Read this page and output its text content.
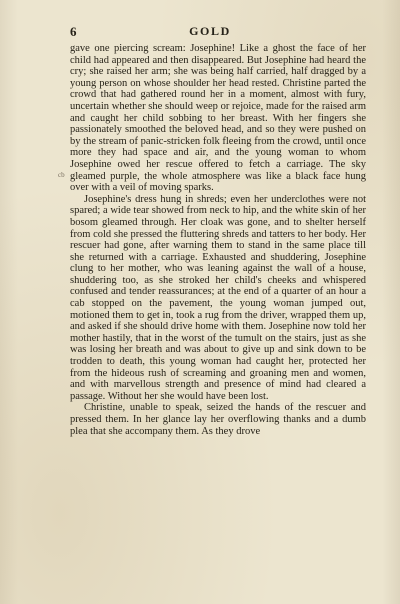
6	GOLD
cb

gave one piercing scream: Josephine! Like a ghost the face of her child had appeared and then disappeared. But Josephine had heard the cry; she raised her arm; she was being half carried, half dragged by a young person on whose shoulder her head rested. Christine parted the crowd that had gathered round her in a moment, almost with fury, uncertain whether she should weep or rejoice, made for the raised arm and caught her child sobbing to her breast. With her fingers she passionately smoothed the beloved head, and so they were pushed on by the stream of panic-stricken folk fleeing from the crowd, until once more they had space and air, and the young woman to whom Josephine owed her rescue offered to fetch a carriage. The sky gleamed purple, the whole atmosphere was like a black face hung over with a veil of moving sparks.

Josephine's dress hung in shreds; even her underclothes were not spared; a wide tear showed from neck to hip, and the white skin of her bosom gleamed through. Her cloak was gone, and to shelter herself from cold she pressed the fluttering shreds and tatters to her body. Her rescuer had gone, after warning them to stand in the same place till she returned with a carriage. Exhausted and shuddering, Josephine clung to her mother, who was leaning against the wall of a house, shuddering too, as she stroked her child's cheeks and whispered confused and tender reassurances; at the end of a quarter of an hour a cab stopped on the pavement, the young woman jumped out, motioned them to get in, took a rug from the driver, wrapped them up, and asked if she should drive home with them. Josephine now told her mother hastily, that in the worst of the tumult on the stairs, just as she was losing her breath and was about to give up and sink down to be trodden to death, this young woman had caught her, protected her from the hideous rush of screaming and groaning men and women, and with marvellous strength and presence of mind had cleared a passage. Without her she would have been lost.

Christine, unable to speak, seized the hands of the rescuer and pressed them. In her glance lay her overflowing thanks and a dumb plea that she accompany them. As they drove
